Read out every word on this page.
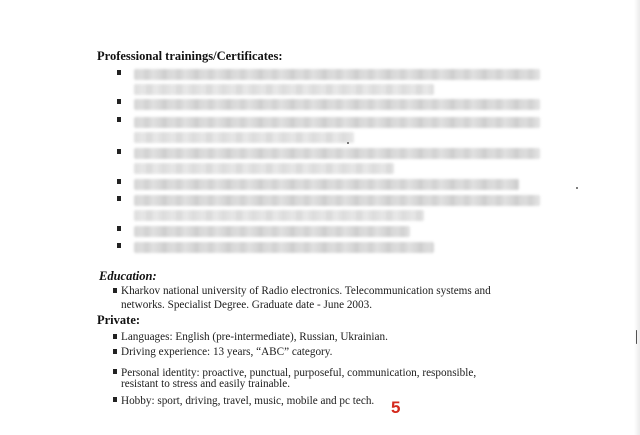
Professional trainings/Certificates:
Education:
Kharkov national university of Radio electronics. Telecommunication systems and
networks. Specialist Degree. Graduate date - June 2003.
Private:
Languages: English (pre-intermediate), Russian, Ukrainian.
Driving experience: 13 years, “ABC” category.
Personal identity: proactive, punctual, purposeful, communication, responsible,
resistant to stress and easily trainable.
Hobby: sport, driving, travel, music, mobile and pc tech. 5
